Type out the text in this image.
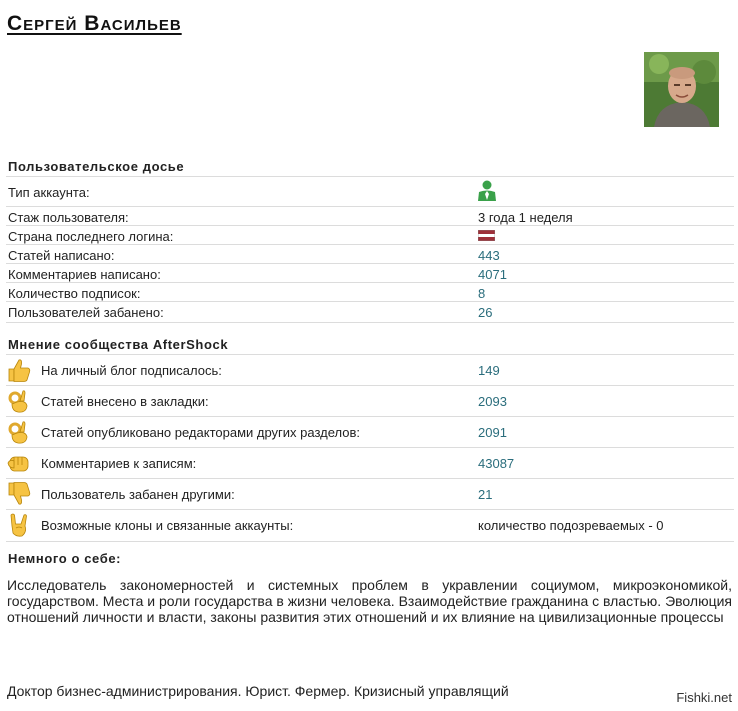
Сергей Васильев
Пользовательское досье
Тип аккаунта:
Стаж пользователя:	3 года 1 неделя
Страна последнего логина:
Статей написано:	443
Комментариев написано:	4071
Количество подписок:	8
Пользователей забанено:	26
Мнение сообщества AfterShock
На личный блог подписалось:	149
Статей внесено в закладки:	2093
Статей опубликовано редакторами других разделов:	2091
Комментариев к записям:	43087
Пользователь забанен другими:	21
Возможные клоны и связанные аккаунты:	количество подозреваемых - 0
Немного о себе:

Исследователь закономерностей и системных проблем в укравлении социумом, микроэкономикой, государством. Места и роли государства в жизни человека. Взаимодействие гражданина с властью. Эволюция отношений личности и власти, законы развития этих отношений и их влияние на цивилизационные процессы

Доктор бизнес-администрирования. Юрист. Фермер. Кризисный управлящий	Fishki.net
